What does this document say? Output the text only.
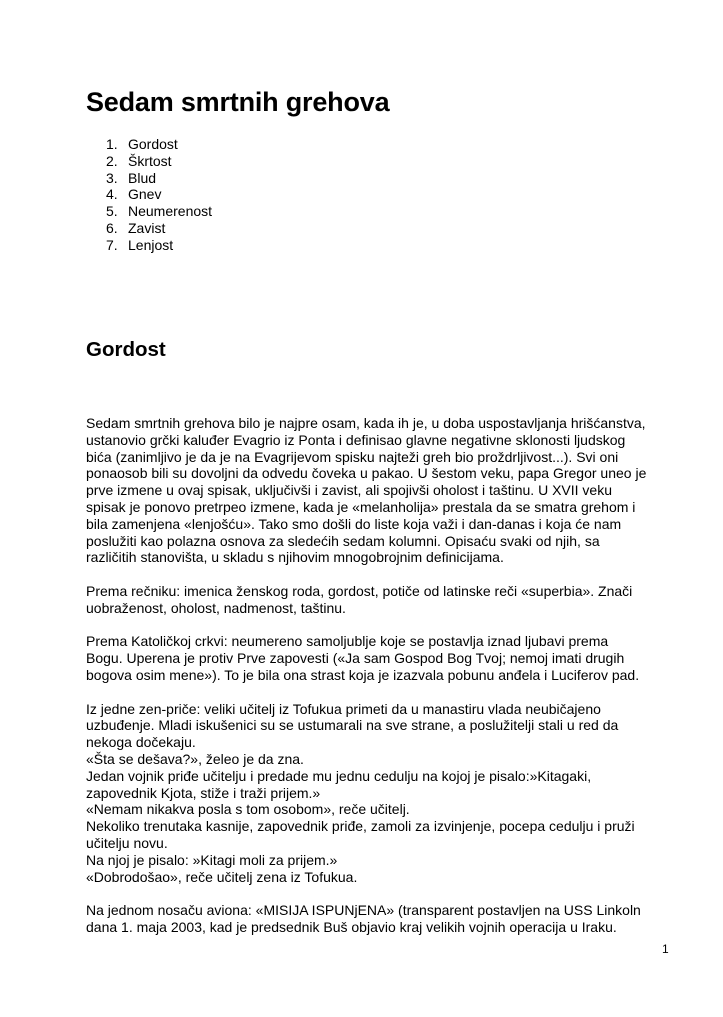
Sedam smrtnih grehova
1. Gordost
2. Škrtost
3. Blud
4. Gnev
5. Neumerenost
6. Zavist
7. Lenjost
Gordost

Sedam smrtnih grehova bilo je najpre osam, kada ih je, u doba uspostavljanja hrišćanstva,
ustanovio grčki kaluđer Evagrio iz Ponta i definisao glavne negativne sklonosti ljudskog
bića (zanimljivo je da je na Evagrijevom spisku najteži greh bio proždrljivost...). Svi oni
ponaosob bili su dovoljni da odvedu čoveka u pakao. U šestom veku, papa Gregor uneo je
prve izmene u ovaj spisak, uključivši i zavist, ali spojivši oholost i taštinu. U XVII veku
spisak je ponovo pretrpeo izmene, kada je «melanholija» prestala da se smatra grehom i
bila zamenjena «lenjošću». Tako smo došli do liste koja važi i dan-danas i koja će nam
poslužiti kao polazna osnova za sledećih sedam kolumni. Opisaću svaki od njih, sa
različitih stanovišta, u skladu s njihovim mnogobrojnim definicijama.

Prema rečniku: imenica ženskog roda, gordost, potiče od latinske reči «superbia». Znači
uobraženost, oholost, nadmenost, taštinu.

Prema Katoličkoj crkvi: neumereno samoljublje koje se postavlja iznad ljubavi prema
Bogu. Uperena je protiv Prve zapovesti («Ja sam Gospod Bog Tvoj; nemoj imati drugih
bogova osim mene»). To je bila ona strast koja je izazvala pobunu anđela i Luciferov pad.

Iz jedne zen-priče: veliki učitelj iz Tofukua primeti da u manastiru vlada neubičajeno
uzbuđenje. Mladi iskušenici su se ustumarali na sve strane, a poslužitelji stali u red da
nekoga dočekaju.
«Šta se dešava?», želeo je da zna.
Jedan vojnik priđe učitelju i predade mu jednu cedulju na kojoj je pisalo:»Kitagaki,
zapovednik Kjota, stiže i traži prijem.»
«Nemam nikakva posla s tom osobom», reče učitelj.
Nekoliko trenutaka kasnije, zapovednik priđe, zamoli za izvinjenje, pocepa cedulju i pruži
učitelju novu.
Na njoj je pisalo: »Kitagi moli za prijem.»
«Dobrodošao», reče učitelj zena iz Tofukua.

Na jednom nosaču aviona: «MISIJA ISPUNjENA» (transparent postavljen na USS Linkoln
dana 1. maja 2003, kad je predsednik Buš objavio kraj velikih vojnih operacija u Iraku.

1
